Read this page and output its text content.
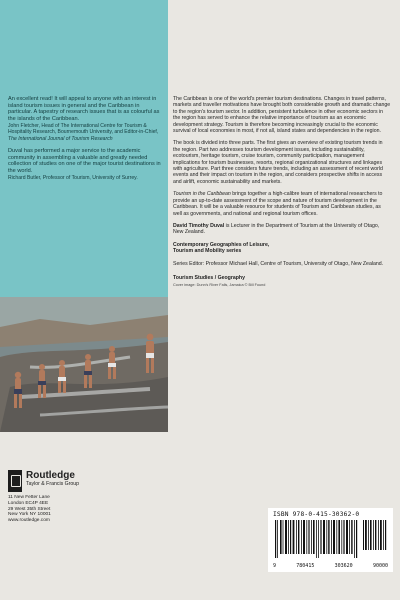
An excellent read! It will appeal to anyone with an interest in island tourism issues in general and the Caribbean in particular. A tapestry of research issues that is as colourful as the islands of the Caribbean.
John Fletcher, Head of The International Centre for Tourism & Hospitality Research, Bournemouth University, and Editor-in-Chief, The International Journal of Tourism Research

Duval has performed a major service to the academic community in assembling a valuable and greatly needed collection of studies on one of the major tourist destinations in the world.
Richard Butler, Professor of Tourism, University of Surrey.

Routledge
Taylor & Francis Group
11 New Fetter Lane
London EC4P 4EE
29 West 35th Street
New York NY 10001
www.routledge.com

The Caribbean is one of the world's premier tourism destinations. Changes in travel patterns, markets and traveller motivations have brought both considerable growth and dramatic change to the region's tourism sector. In addition, persistent turbulence in other economic sectors in the region has served to enhance the relative importance of tourism as an economic development strategy. Tourism is therefore becoming increasingly crucial to the economic survival of local economies in most, if not all, island states and dependencies in the region.

The book is divided into three parts. The first gives an overview of existing tourism trends in the region. Part two addresses tourism development issues, including sustainability, ecotourism, heritage tourism, cruise tourism, community participation, management implications for tourism businesses, resorts, regional organizational structures and linkages with agriculture. Part three considers future trends, including an assessment of recent world events and their impact on tourism in the region, and considers prospective shifts in access and airlift, economic sustainability and markets.

Tourism in the Caribbean brings together a high-calibre team of international researchers to provide an up-to-date assessment of the scope and nature of tourism development in the Caribbean. It will be a valuable resource for students of Tourism and Caribbean studies, as well as governments, and national and regional tourism offices.

David Timothy Duval is Lecturer in the Department of Tourism at the University of Otago, New Zealand.

Contemporary Geographies of Leisure,
Tourism and Mobility series

Series Editor: Professor Michael Hall, Centre of Tourism, University of Otago, New Zealand.

Tourism Studies / Geography
Cover image: Dunn's River Falls, Jamaica © Bill Found
ISBN 978-0-415-30362-0
9	780415	303620	90000
